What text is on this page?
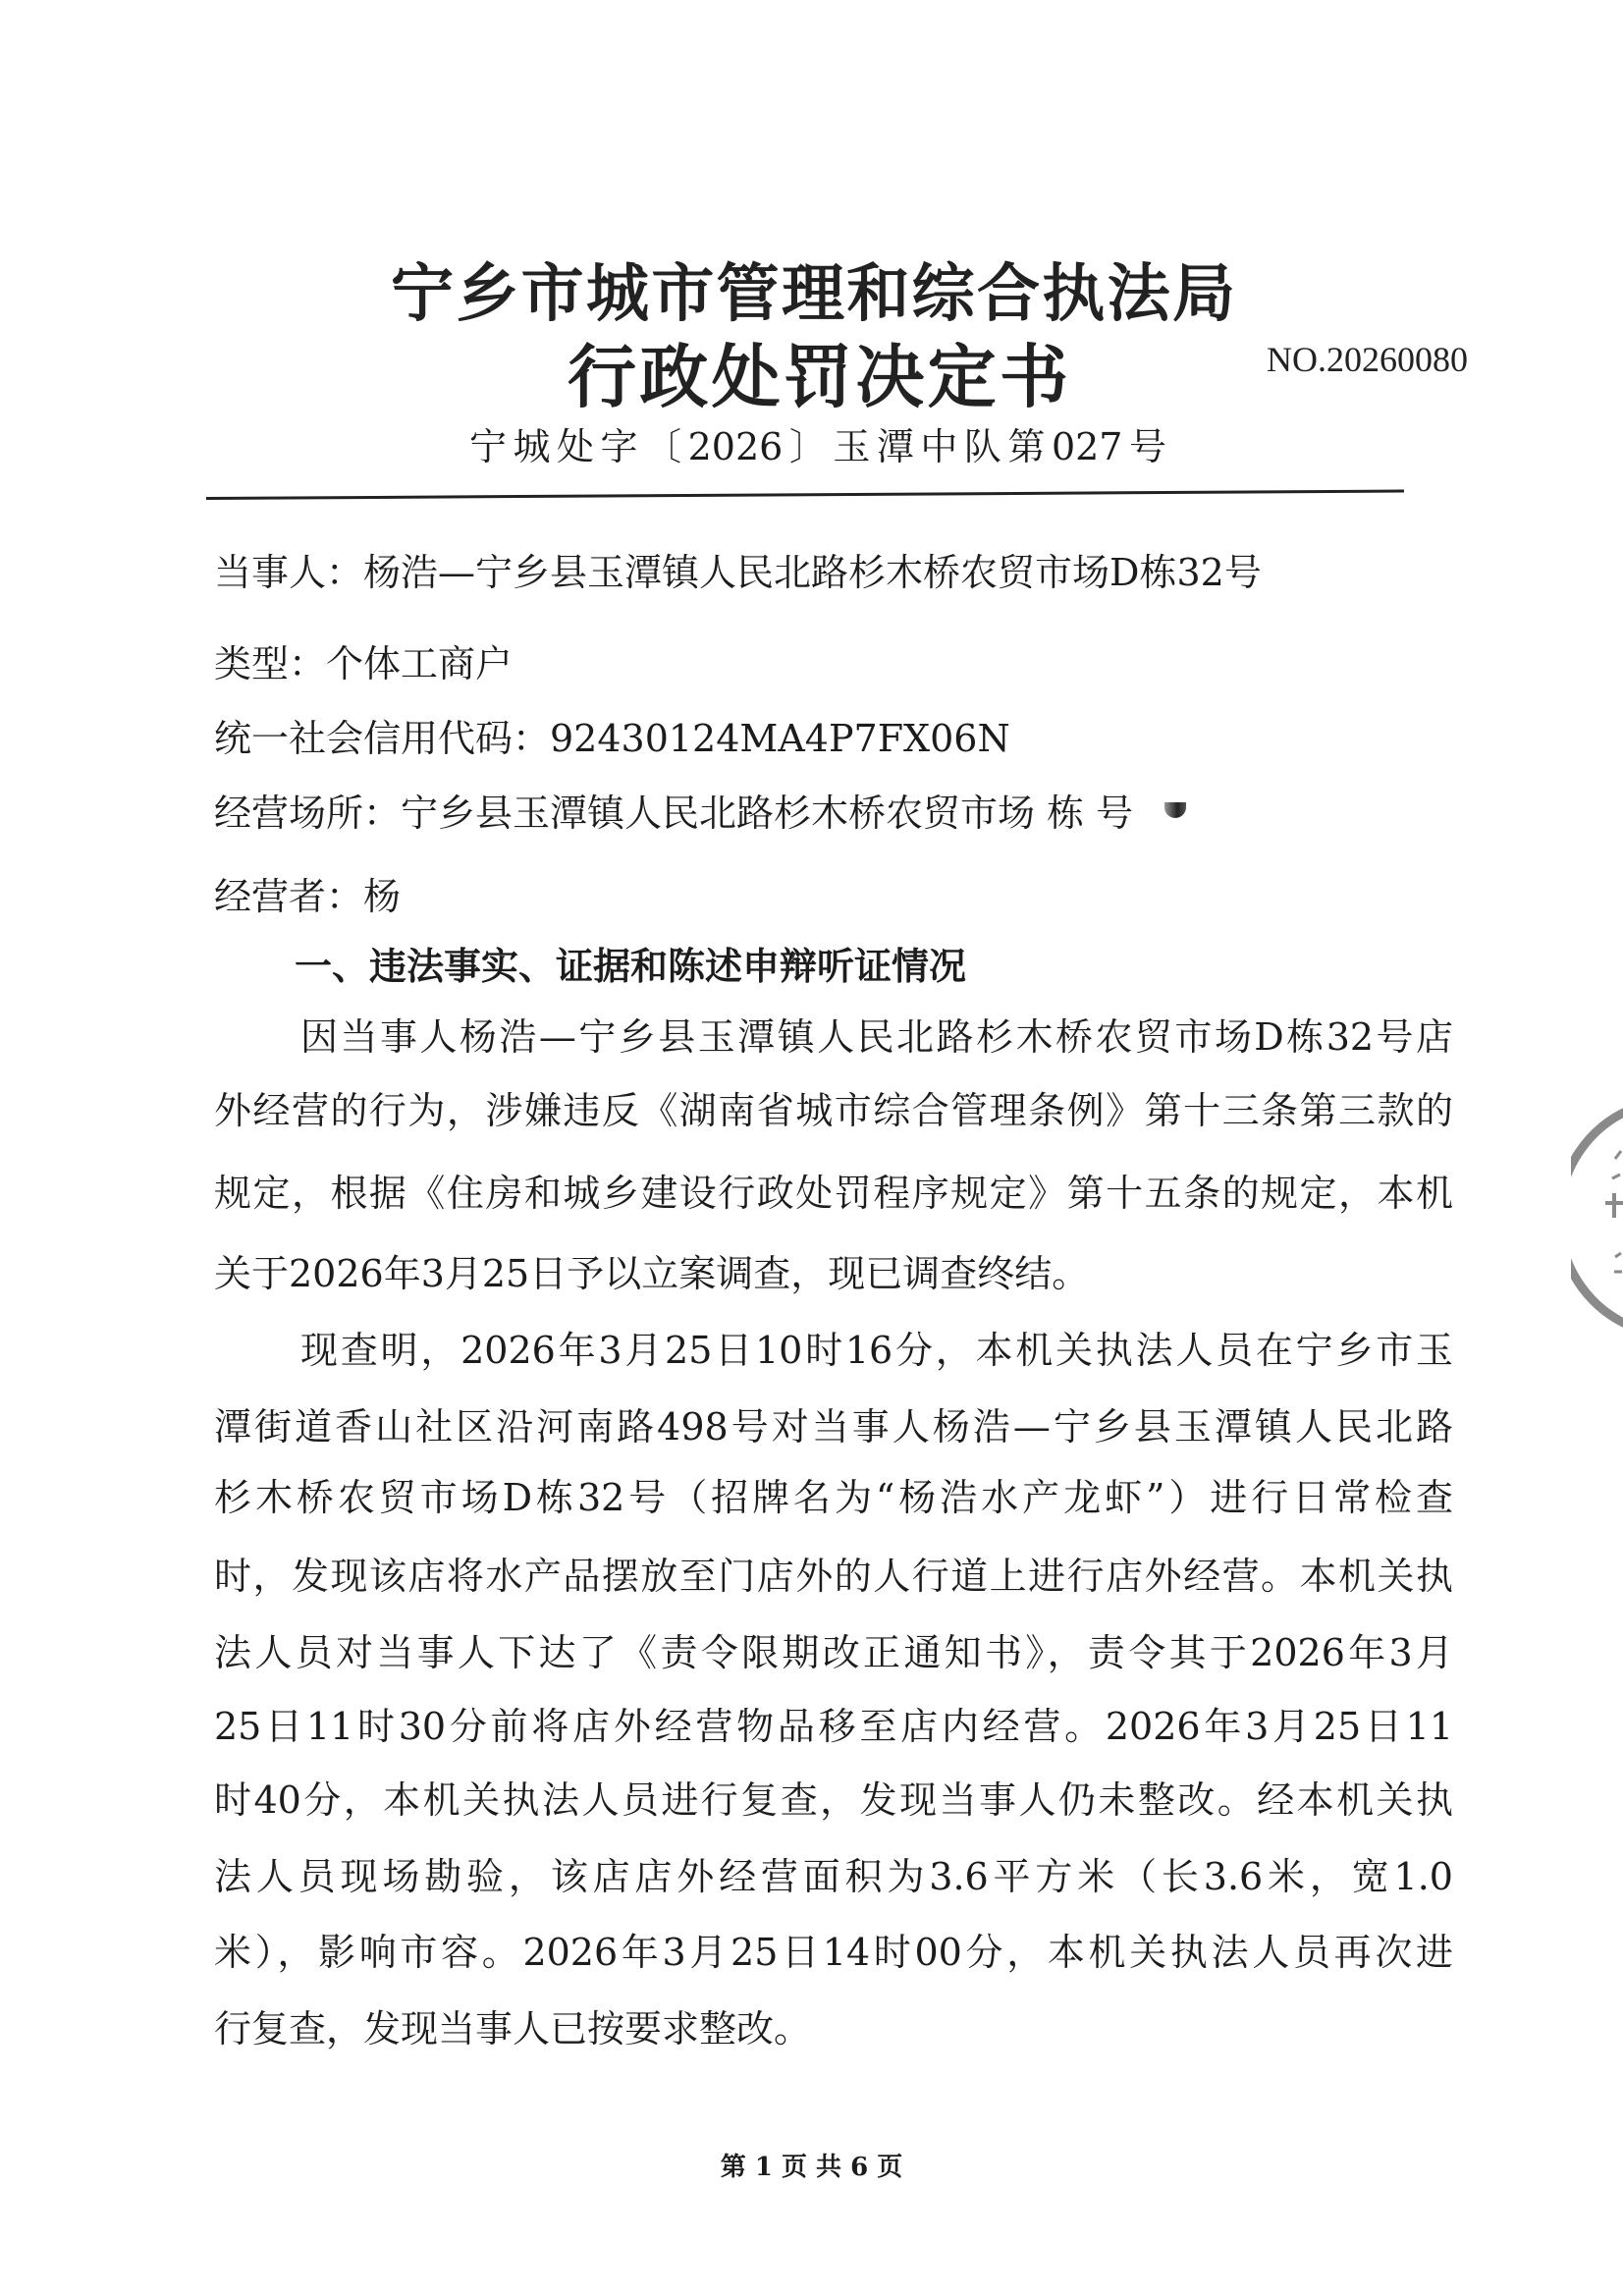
宁乡市城市管理和综合执法局
行政处罚决定书	NO.20260080
宁城处字〔2026〕玉潭中队第027号
当事人：杨浩—宁乡县玉潭镇人民北路杉木桥农贸市场D栋32号
类型：个体工商户
统一社会信用代码：92430124MA4P7FX06N
经营场所：宁乡县玉潭镇人民北路杉木桥农贸市场 栋 号
经营者：杨
一、违法事实、证据和陈述申辩听证情况
因当事人杨浩—宁乡县玉潭镇人民北路杉木桥农贸市场D栋32号店
外经营的行为，涉嫌违反《湖南省城市综合管理条例》第十三条第三款的
规定，根据《住房和城乡建设行政处罚程序规定》第十五条的规定，本机
关于2026年3月25日予以立案调查，现已调查终结。
现查明，2026年3月25日10时16分，本机关执法人员在宁乡市玉
潭街道香山社区沿河南路498号对当事人杨浩—宁乡县玉潭镇人民北路
杉木桥农贸市场D栋32号（招牌名为“杨浩水产龙虾”）进行日常检查
时，发现该店将水产品摆放至门店外的人行道上进行店外经营。本机关执
法人员对当事人下达了《责令限期改正通知书》，责令其于2026年3月
25日11时30分前将店外经营物品移至店内经营。2026年3月25日11
时40分，本机关执法人员进行复查，发现当事人仍未整改。经本机关执
法人员现场勘验，该店店外经营面积为3.6平方米（长3.6米，宽1.0
米），影响市容。2026年3月25日14时00分，本机关执法人员再次进
行复查，发现当事人已按要求整改。
第 1 页 共 6 页
